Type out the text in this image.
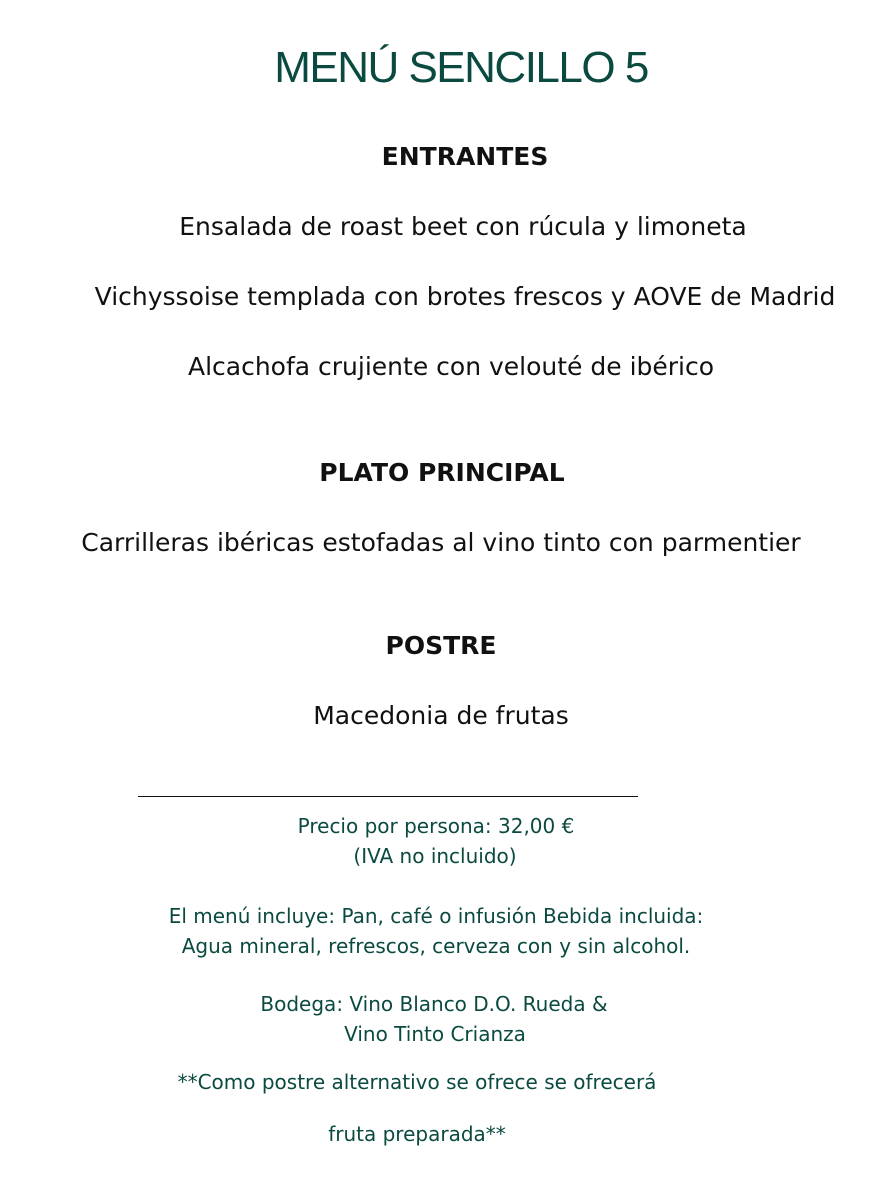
MENÚ SENCILLO 5
ENTRANTES
Ensalada de roast beet con rúcula y limoneta
Vichyssoise templada con brotes frescos y AOVE de Madrid
Alcachofa crujiente con velouté de ibérico
PLATO PRINCIPAL
Carrilleras ibéricas estofadas al vino tinto con parmentier
POSTRE
Macedonia de frutas
Precio por persona: 32,00 €
(IVA no incluido)
El menú incluye: Pan, café o infusión Bebida incluida:
Agua mineral, refrescos, cerveza con y sin alcohol.
Bodega: Vino Blanco D.O. Rueda &
Vino Tinto Crianza
**Como postre alternativo se ofrece se ofrecerá
fruta preparada**
